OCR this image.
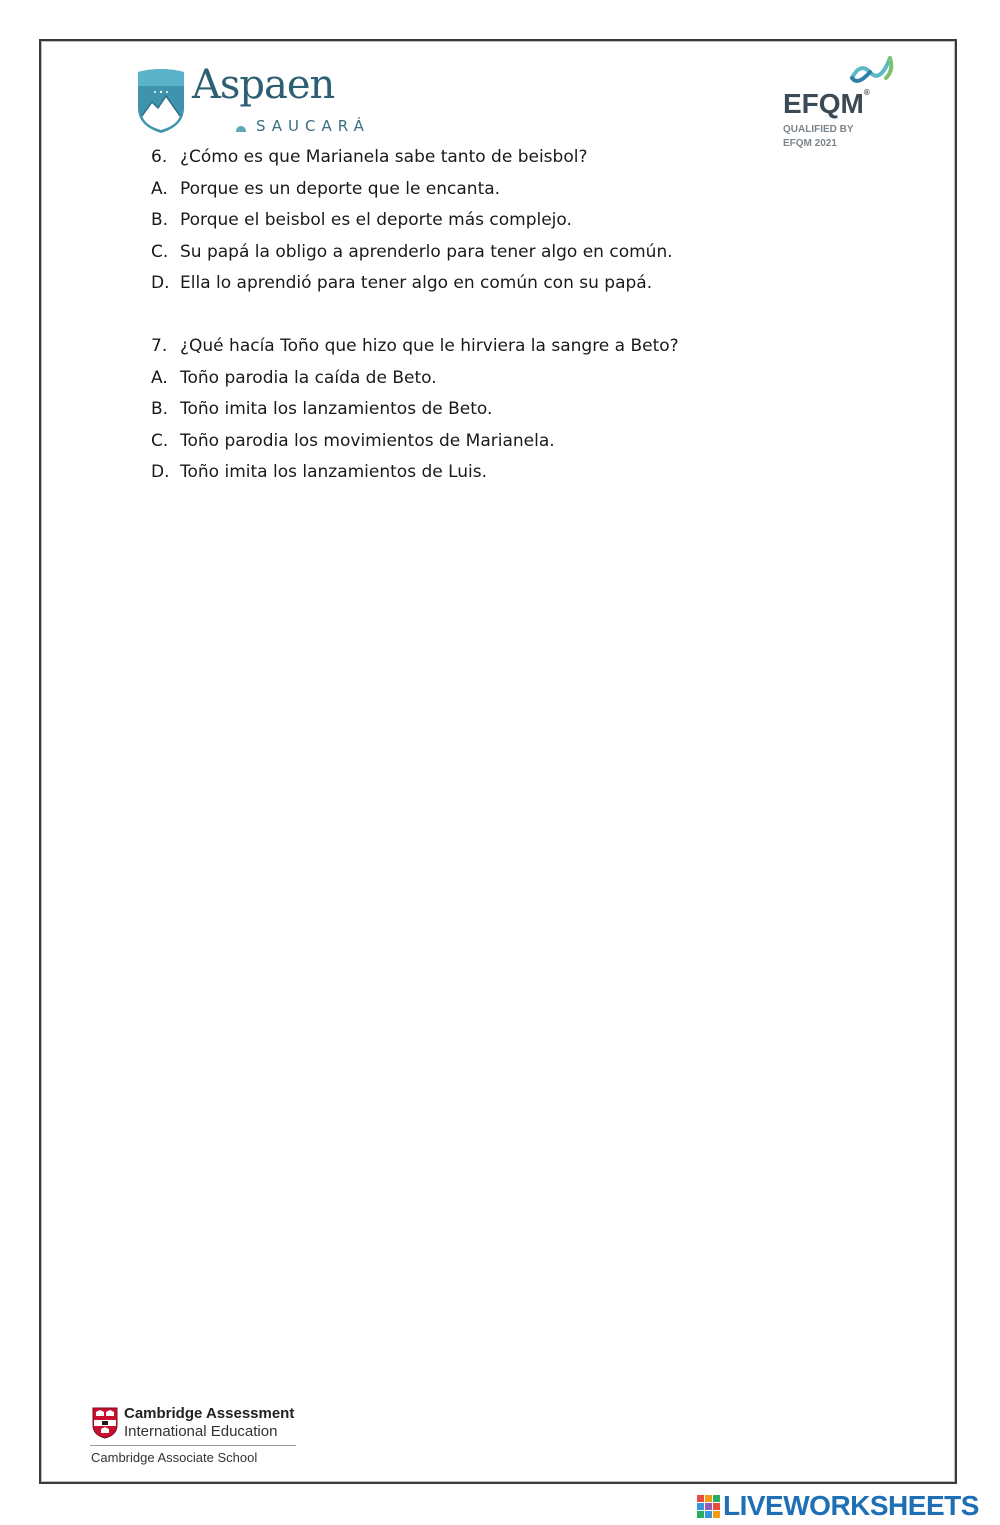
Aspaen
SAUCARÁ
EFQM®
QUALIFIED BY
EFQM 2021
6. ¿Cómo es que Marianela sabe tanto de beisbol?
A. Porque es un deporte que le encanta.
B. Porque el beisbol es el deporte más complejo.
C. Su papá la obligo a aprenderlo para tener algo en común.
D. Ella lo aprendió para tener algo en común con su papá.
7. ¿Qué hacía Toño que hizo que le hirviera la sangre a Beto?
A. Toño parodia la caída de Beto.
B. Toño imita los lanzamientos de Beto.
C. Toño parodia los movimientos de Marianela.
D. Toño imita los lanzamientos de Luis.
Cambridge Assessment
International Education
Cambridge Associate School
LIVEWORKSHEETS
